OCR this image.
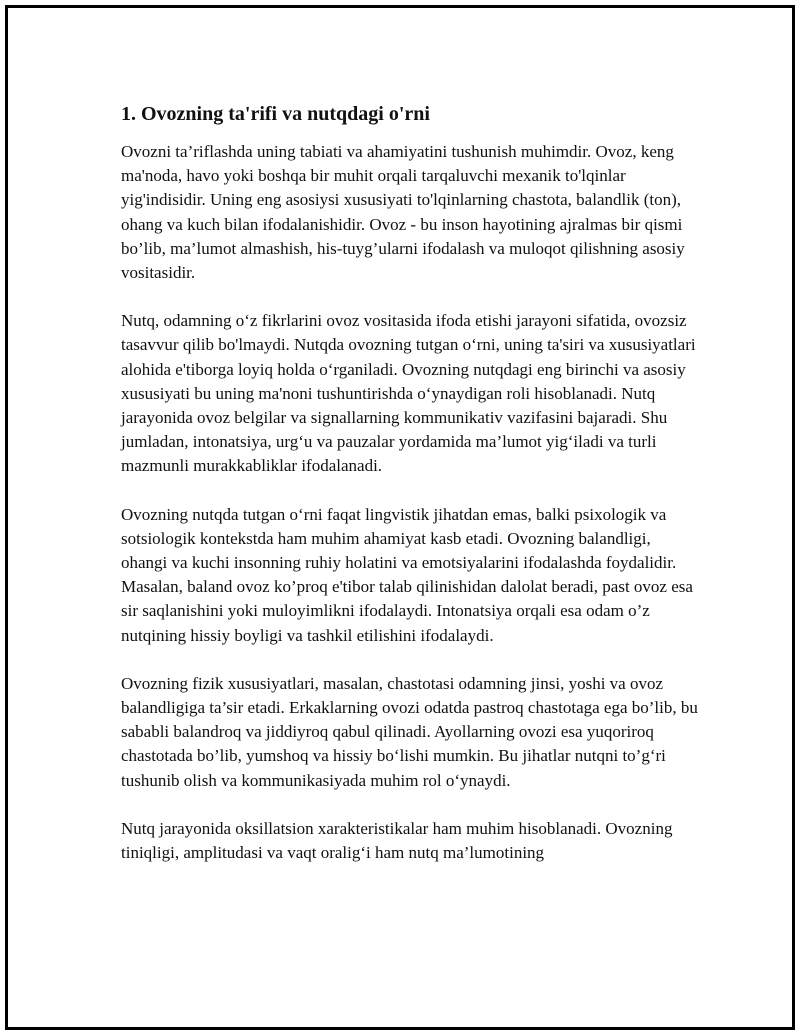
1. Ovozning ta'rifi va nutqdagi o'rni

Ovozni ta’riflashda uning tabiati va ahamiyatini tushunish muhimdir. Ovoz, keng ma'noda, havo yoki boshqa bir muhit orqali tarqaluvchi mexanik to'lqinlar yig'indisidir. Uning eng asosiysi xususiyati to'lqinlarning chastota, balandlik (ton), ohang va kuch bilan ifodalanishidir. Ovoz - bu inson hayotining ajralmas bir qismi bo’lib, ma’lumot almashish, his-tuyg’ularni ifodalash va muloqot qilishning asosiy vositasidir.

Nutq, odamning o‘z fikrlarini ovoz vositasida ifoda etishi jarayoni sifatida, ovozsiz tasavvur qilib bo'lmaydi. Nutqda ovozning tutgan o‘rni, uning ta'siri va xususiyatlari alohida e'tiborga loyiq holda o‘rganiladi. Ovozning nutqdagi eng birinchi va asosiy xususiyati bu uning ma'noni tushuntirishda o‘ynaydigan roli hisoblanadi. Nutq jarayonida ovoz belgilar va signallarning kommunikativ vazifasini bajaradi. Shu jumladan, intonatsiya, urg‘u va pauzalar yordamida ma’lumot yig‘iladi va turli mazmunli murakkabliklar ifodalanadi.

Ovozning nutqda tutgan o‘rni faqat lingvistik jihatdan emas, balki psixologik va sotsiologik kontekstda ham muhim ahamiyat kasb etadi. Ovozning balandligi, ohangi va kuchi insonning ruhiy holatini va emotsiyalarini ifodalashda foydalidir. Masalan, baland ovoz ko’proq e'tibor talab qilinishidan dalolat beradi, past ovoz esa sir saqlanishini yoki muloyimlikni ifodalaydi. Intonatsiya orqali esa odam o’z nutqining hissiy boyligi va tashkil etilishini ifodalaydi.

Ovozning fizik xususiyatlari, masalan, chastotasi odamning jinsi, yoshi va ovoz balandligiga ta’sir etadi. Erkaklarning ovozi odatda pastroq chastotaga ega bo’lib, bu sababli balandroq va jiddiyroq qabul qilinadi. Ayollarning ovozi esa yuqoriroq chastotada bo’lib, yumshoq va hissiy bo‘lishi mumkin. Bu jihatlar nutqni to’g‘ri tushunib olish va kommunikasiyada muhim rol o‘ynaydi.

Nutq jarayonida oksillatsion xarakteristikalar ham muhim hisoblanadi. Ovozning tiniqligi, amplitudasi va vaqt oralig‘i ham nutq ma’lumotining
